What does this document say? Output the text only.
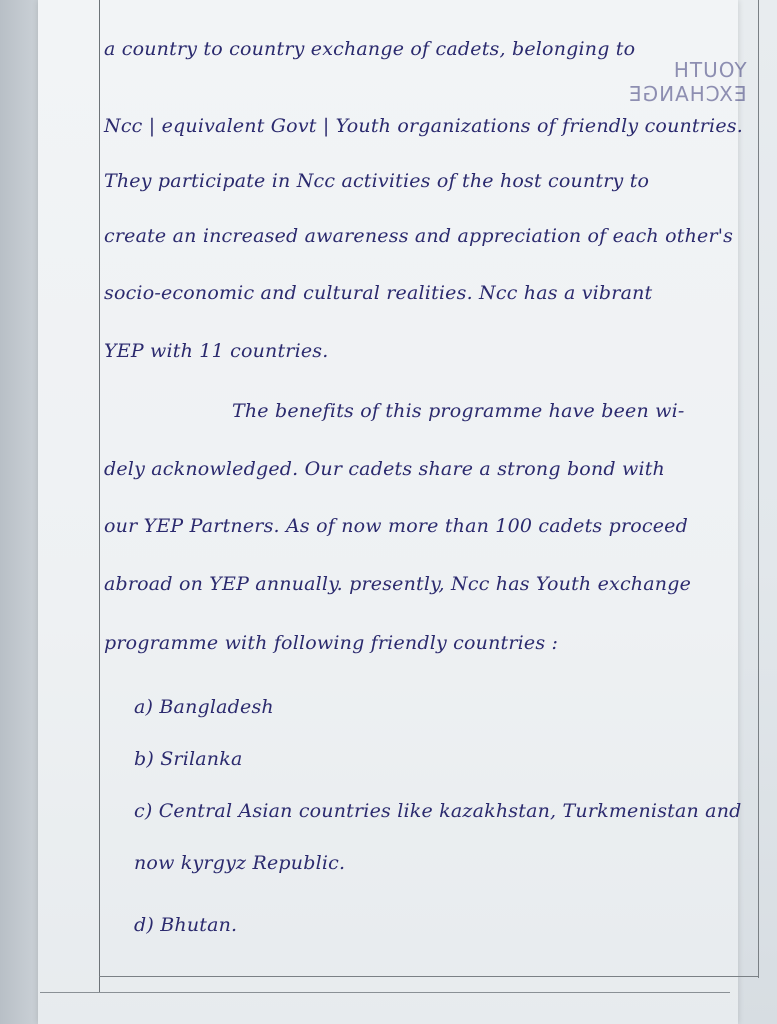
YOUTH EXCHANGE
a country to country exchange of cadets, belonging to
Ncc | equivalent Govt | Youth organizations of friendly countries.
They participate in Ncc activities of the host country to
create an increased awareness and appreciation of each other's
socio-economic and cultural realities. Ncc has a vibrant
YEP with 11 countries.
The benefits of this programme have been wi-
dely acknowledged. Our cadets share a strong bond with
our YEP Partners. As of now more than 100 cadets proceed
abroad on YEP annually. presently, Ncc has Youth exchange
programme with following friendly countries :
a) Bangladesh
b) Srilanka
c) Central Asian countries like kazakhstan, Turkmenistan and
now kyrgyz Republic.
d) Bhutan.
